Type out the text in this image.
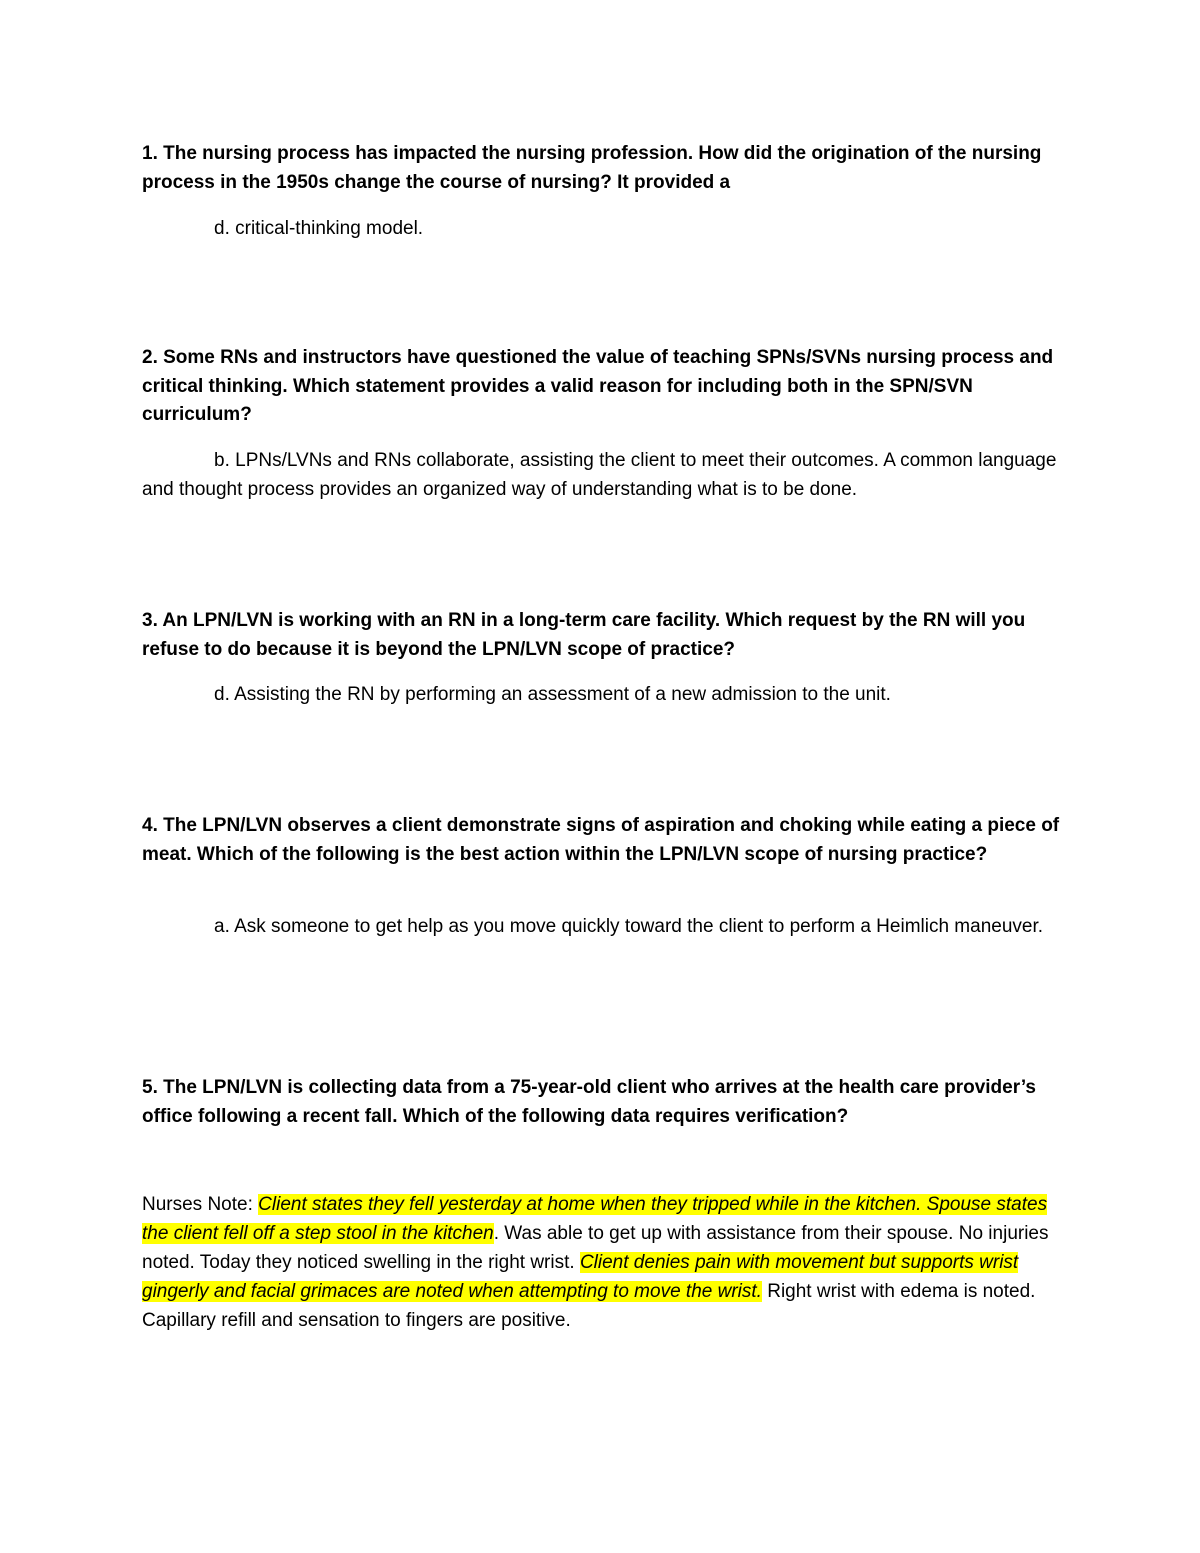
1. The nursing process has impacted the nursing profession. How did the origination of the nursing process in the 1950s change the course of nursing? It provided a
d. critical-thinking model.
2. Some RNs and instructors have questioned the value of teaching SPNs/SVNs nursing process and critical thinking. Which statement provides a valid reason for including both in the SPN/SVN curriculum?
b. LPNs/LVNs and RNs collaborate, assisting the client to meet their outcomes. A common language and thought process provides an organized way of understanding what is to be done.
3. An LPN/LVN is working with an RN in a long-term care facility. Which request by the RN will you refuse to do because it is beyond the LPN/LVN scope of practice?
d. Assisting the RN by performing an assessment of a new admission to the unit.
4. The LPN/LVN observes a client demonstrate signs of aspiration and choking while eating a piece of meat. Which of the following is the best action within the LPN/LVN scope of nursing practice?
a. Ask someone to get help as you move quickly toward the client to perform a Heimlich maneuver.
5. The LPN/LVN is collecting data from a 75-year-old client who arrives at the health care provider’s office following a recent fall. Which of the following data requires verification?
Nurses Note: Client states they fell yesterday at home when they tripped while in the kitchen. Spouse states the client fell off a step stool in the kitchen. Was able to get up with assistance from their spouse. No injuries noted. Today they noticed swelling in the right wrist. Client denies pain with movement but supports wrist gingerly and facial grimaces are noted when attempting to move the wrist. Right wrist with edema is noted. Capillary refill and sensation to fingers are positive.
